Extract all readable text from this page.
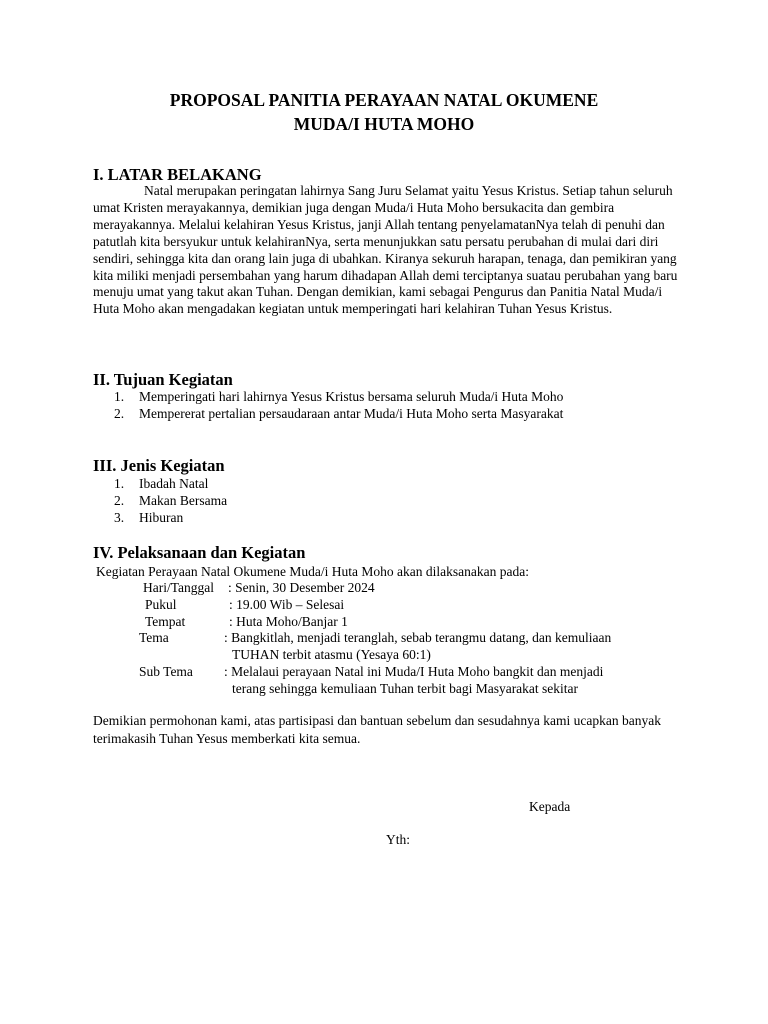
PROPOSAL PANITIA PERAYAAN NATAL OKUMENE
MUDA/I HUTA MOHO
I. LATAR BELAKANG

Natal merupakan peringatan lahirnya Sang Juru Selamat yaitu Yesus Kristus. Setiap tahun seluruh umat Kristen merayakannya, demikian juga dengan Muda/i Huta Moho bersukacita dan gembira merayakannya. Melalui kelahiran Yesus Kristus, janji Allah tentang penyelamatanNya telah di penuhi dan patutlah kita bersyukur untuk kelahiranNya, serta menunjukkan satu persatu perubahan di mulai dari diri sendiri, sehingga kita dan orang lain juga di ubahkan. Kiranya sekuruh harapan, tenaga, dan pemikiran yang kita miliki menjadi persembahan yang harum dihadapan Allah demi terciptanya suatau perubahan yang baru menuju umat yang takut akan Tuhan. Dengan demikian, kami sebagai Pengurus dan Panitia Natal Muda/i Huta Moho akan mengadakan kegiatan untuk memperingati hari kelahiran Tuhan Yesus Kristus.

II. Tujuan Kegiatan
1. Memperingati hari lahirnya Yesus Kristus bersama seluruh Muda/i Huta Moho
2. Mempererat pertalian persaudaraan antar Muda/i Huta Moho serta Masyarakat
III. Jenis Kegiatan
1. Ibadah Natal
2. Makan Bersama
3. Hiburan
IV. Pelaksanaan dan Kegiatan

Kegiatan Perayaan Natal Okumene Muda/i Huta Moho akan dilaksanakan pada:

Hari/Tanggal : Senin, 30 Desember 2024

Pukul	: 19.00 Wib – Selesai

Tempat	: Huta Moho/Banjar 1

Tema	: Bangkitlah, menjadi teranglah, sebab terangmu datang, dan kemuliaan

TUHAN terbit atasmu (Yesaya 60:1)

Sub Tema : Melalaui perayaan Natal ini Muda/I Huta Moho bangkit dan menjadi

terang sehingga kemuliaan Tuhan terbit bagi Masyarakat sekitar

Demikian permohonan kami, atas partisipasi dan bantuan sebelum dan sesudahnya kami ucapkan banyak terimakasih Tuhan Yesus memberkati kita semua.

Kepada

Yth:
